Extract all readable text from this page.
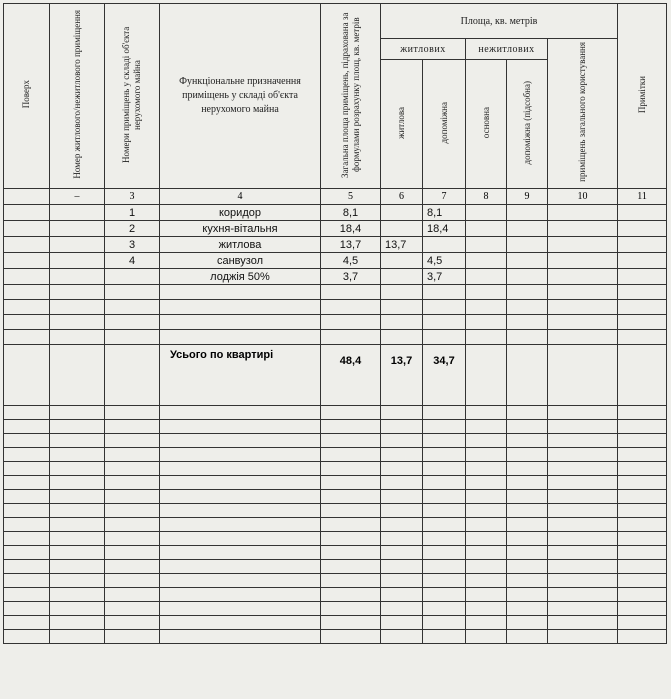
Поверх	Номер житлового/нежитлового приміщення	Номери приміщень у складі об'єкта нерухомого майна	Функціональне призначення приміщень у складі об'єкта нерухомого майна	Загальна площа приміщень, підрахована за формулами розрахунку площ, кв. метрів	Площа, кв. метрів					Примітки
					житлових		нежитлових		приміщень загального користування	
					житлова	допоміжна	основна	допоміжна (підсобна)		
	–	3	4	5	6	7	8	9	10	11
		1	коридор	8,1		8,1				
		2	кухня-вітальня	18,4		18,4				
		3	житлова	13,7	13,7					
		4	санвузол	4,5		4,5				
			лоджія 50%	3,7		3,7				

			Усього по квартирі	48,4	13,7	34,7				
